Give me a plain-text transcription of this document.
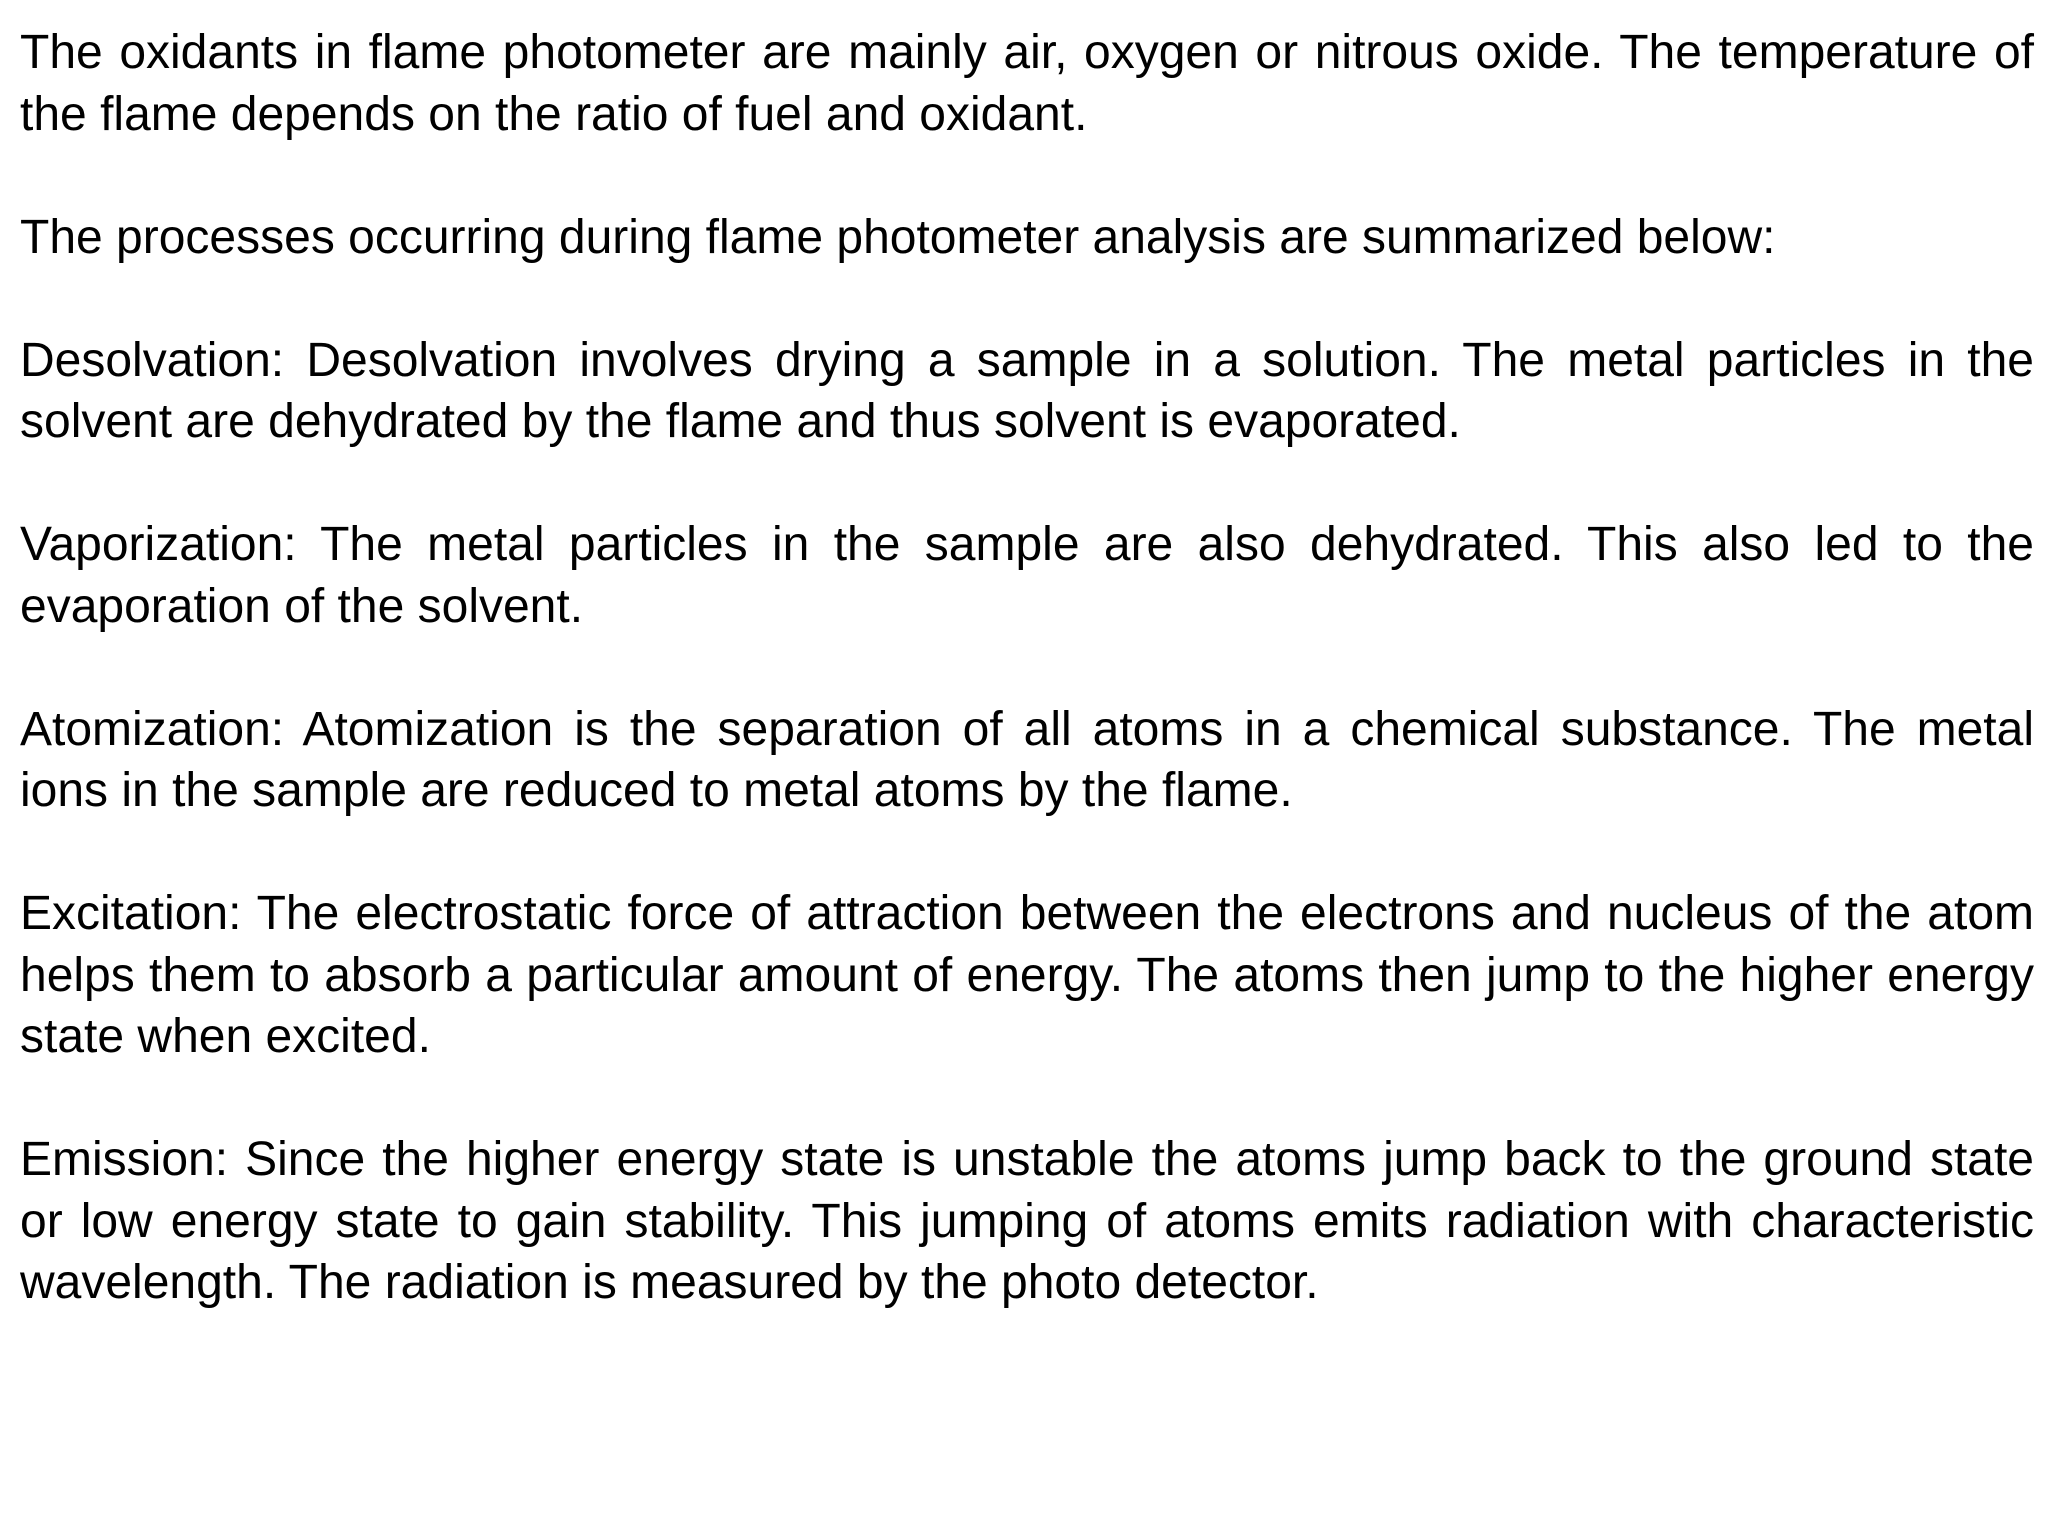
The oxidants in flame photometer are mainly air, oxygen or nitrous oxide. The temperature of the flame depends on the ratio of fuel and oxidant.

The processes occurring during flame photometer analysis are summarized below:

Desolvation: Desolvation involves drying a sample in a solution. The metal particles in the solvent are dehydrated by the flame and thus solvent is evaporated.

Vaporization: The metal particles in the sample are also dehydrated. This also led to the evaporation of the solvent.

Atomization: Atomization is the separation of all atoms in a chemical substance. The metal ions in the sample are reduced to metal atoms by the flame.

Excitation: The electrostatic force of attraction between the electrons and nucleus of the atom helps them to absorb a particular amount of energy. The atoms then jump to the higher energy state when excited.

Emission: Since the higher energy state is unstable the atoms jump back to the ground state or low energy state to gain stability. This jumping of atoms emits radiation with characteristic wavelength. The radiation is measured by the photo detector.
